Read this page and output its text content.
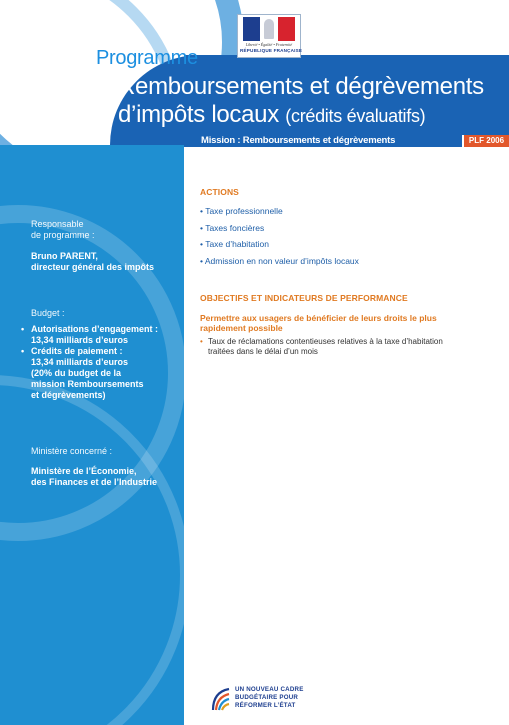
Liberté • Égalité • Fraternité
RÉPUBLIQUE FRANÇAISE
Programme
Remboursements et dégrèvements
d’impôts locaux (crédits évaluatifs)
Mission : Remboursements et dégrèvements	PLF 2006
Responsable
de programme :
Bruno PARENT,
directeur général des impôts
Budget :
• Autorisations d’engagement :
13,34 milliards d’euros
• Crédits de paiement :
13,34 milliards d’euros
(20% du budget de la
mission Remboursements
et dégrèvements)
Ministère concerné :
Ministère de l’Économie,
des Finances et de l’Industrie
ACTIONS
• Taxe professionnelle
• Taxes foncières
• Taxe d’habitation
• Admission en non valeur d’impôts locaux
OBJECTIFS ET INDICATEURS DE PERFORMANCE
Permettre aux usagers de bénéficier de leurs droits le plus
rapidement possible
• Taux de réclamations contentieuses relatives à la taxe d’habitation
traitées dans le délai d’un mois
UN NOUVEAU CADRE
BUDGÉTAIRE POUR
RÉFORMER L’ÉTAT
